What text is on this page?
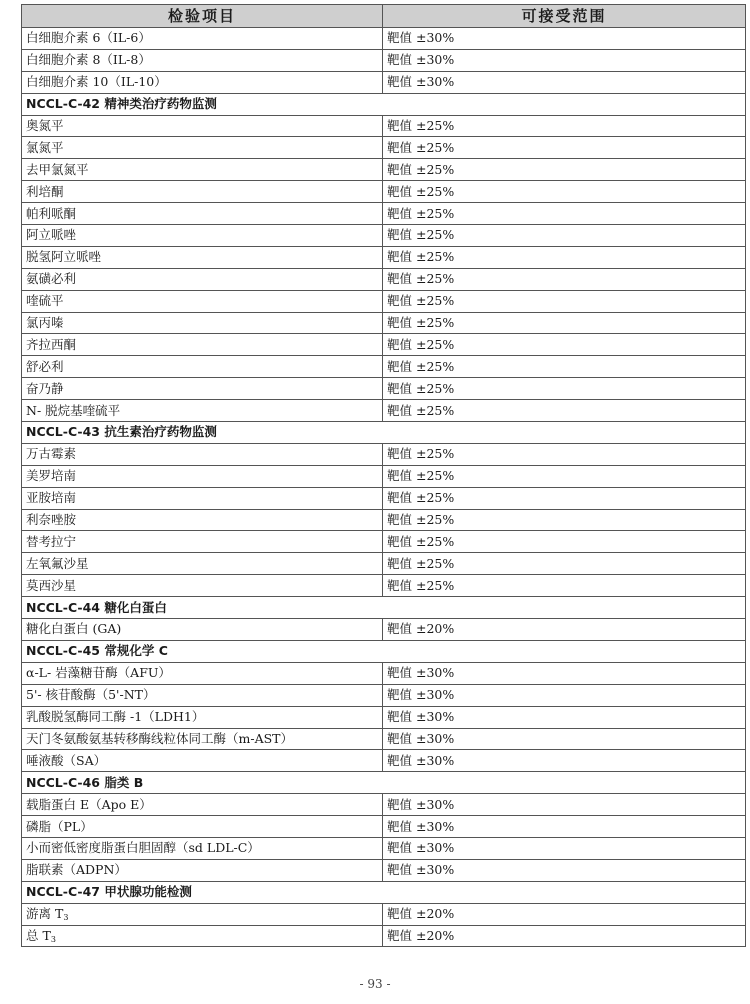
检验项目	可接受范围
白细胞介素 6（IL-6）	靶值 ±30%
白细胞介素 8（IL-8）	靶值 ±30%
白细胞介素 10（IL-10）	靶值 ±30%
NCCL-C-42 精神类治疗药物监测	
奥氮平	靶值 ±25%
氯氮平	靶值 ±25%
去甲氯氮平	靶值 ±25%
利培酮	靶值 ±25%
帕利哌酮	靶值 ±25%
阿立哌唑	靶值 ±25%
脱氢阿立哌唑	靶值 ±25%
氨磺必利	靶值 ±25%
喹硫平	靶值 ±25%
氯丙嗪	靶值 ±25%
齐拉西酮	靶值 ±25%
舒必利	靶值 ±25%
奋乃静	靶值 ±25%
N- 脱烷基喹硫平	靶值 ±25%
NCCL-C-43 抗生素治疗药物监测	
万古霉素	靶值 ±25%
美罗培南	靶值 ±25%
亚胺培南	靶值 ±25%
利奈唑胺	靶值 ±25%
替考拉宁	靶值 ±25%
左氧氟沙星	靶值 ±25%
莫西沙星	靶值 ±25%
NCCL-C-44 糖化白蛋白	
糖化白蛋白 (GA)	靶值 ±20%
NCCL-C-45 常规化学 C	
α-L- 岩藻糖苷酶（AFU）	靶值 ±30%
5'- 核苷酸酶（5'-NT）	靶值 ±30%
乳酸脱氢酶同工酶 -1（LDH1）	靶值 ±30%
天门冬氨酸氨基转移酶线粒体同工酶（m-AST）	靶值 ±30%
唾液酸（SA）	靶值 ±30%
NCCL-C-46 脂类 B	
载脂蛋白 E（Apo E）	靶值 ±30%
磷脂（PL）	靶值 ±30%
小而密低密度脂蛋白胆固醇（sd LDL-C）	靶值 ±30%
脂联素（ADPN）	靶值 ±30%
NCCL-C-47 甲状腺功能检测	
游离 $T_3$	靶值 ±20%
总 $T_3$	靶值 ±20%
- 93 -
